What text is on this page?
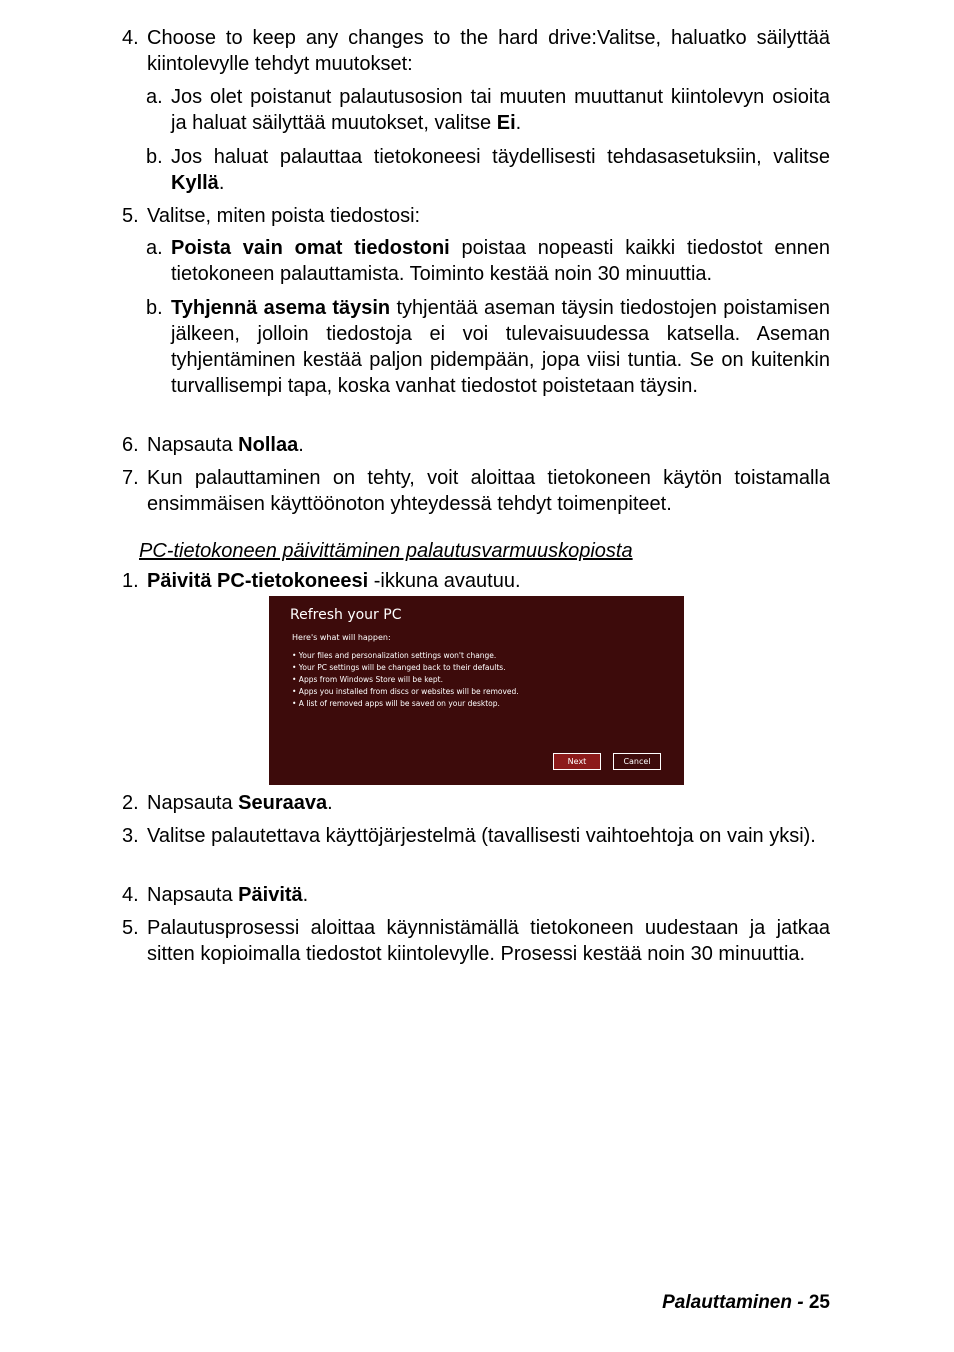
4. Choose to keep any changes to the hard drive:Valitse, haluatko säilyttää kiintolevylle tehdyt muutokset:
a. Jos olet poistanut palautusosion tai muuten muuttanut kiintolevyn osioita ja haluat säilyttää muutokset, valitse Ei.
b. Jos haluat palauttaa tietokoneesi täydellisesti tehdasasetuksiin, valitse Kyllä.
5. Valitse, miten poista tiedostosi:
a. Poista vain omat tiedostoni poistaa nopeasti kaikki tiedostot ennen tietokoneen palauttamista. Toiminto kestää noin 30 minuuttia.
b. Tyhjennä asema täysin tyhjentää aseman täysin tiedostojen poistamisen jälkeen, jolloin tiedostoja ei voi tulevaisuudessa katsella. Aseman tyhjentäminen kestää paljon pidempään, jopa viisi tuntia. Se on kuitenkin turvallisempi tapa, koska vanhat tiedostot poistetaan täysin.
6. Napsauta Nollaa.
7. Kun palauttaminen on tehty, voit aloittaa tietokoneen käytön toistamalla ensimmäisen käyttöönoton yhteydessä tehdyt toimenpiteet.
PC-tietokoneen päivittäminen palautusvarmuuskopiosta
1. Päivitä PC-tietokoneesi -ikkuna avautuu.
Refresh your PC
Here's what will happen:
• Your files and personalization settings won't change.
• Your PC settings will be changed back to their defaults.
• Apps from Windows Store will be kept.
• Apps you installed from discs or websites will be removed.
• A list of removed apps will be saved on your desktop.
Next	Cancel
2. Napsauta Seuraava.
3. Valitse palautettava käyttöjärjestelmä (tavallisesti vaihtoehtoja on vain yksi).
4. Napsauta Päivitä.
5. Palautusprosessi aloittaa käynnistämällä tietokoneen uudestaan ja jatkaa sitten kopioimalla tiedostot kiintolevylle. Prosessi kestää noin 30 minuuttia.
Palauttaminen - 25
